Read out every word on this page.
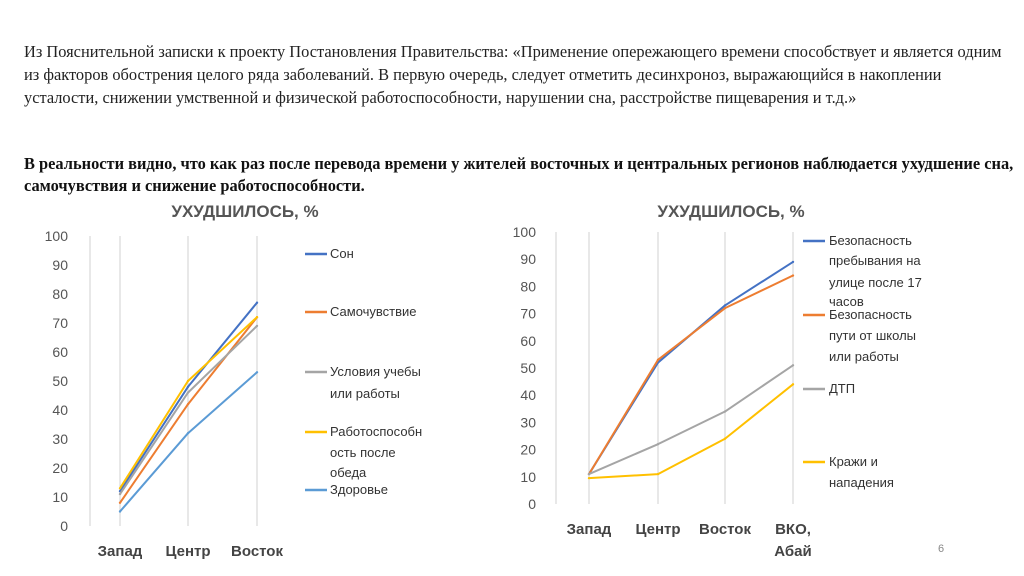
Из Пояснительной записки к проекту Постановления Правительства: «Применение опережающего времени способствует и является одним из факторов обострения целого ряда заболеваний. В первую очередь, следует отметить десинхроноз, выражающийся в накоплении усталости, снижении умственной и физической работоспособности, нарушении сна, расстройстве пищеварения и т.д.»

В реальности видно, что как раз после перевода времени у жителей восточных и центральных регионов наблюдается ухудшение сна, самочувствия и снижение работоспособности.

УХУДШИЛОСЬ, %
0
10
20
30
40
50
60
70
80
90
100
Запад Центр Восток
Сон
Самочувствие
Условия учебы
или работы
Работоспособн
ость после
обеда
Здоровье
УХУДШИЛОСЬ, %
0
10
20
30
40
50
60
70
80
90
100
Запад Центр Восток ВКО,
Абай
Безопасность
пребывания на
улице после 17
часов
Безопасность
пути от школы
или работы
ДТП
Кражи и
нападения
6
